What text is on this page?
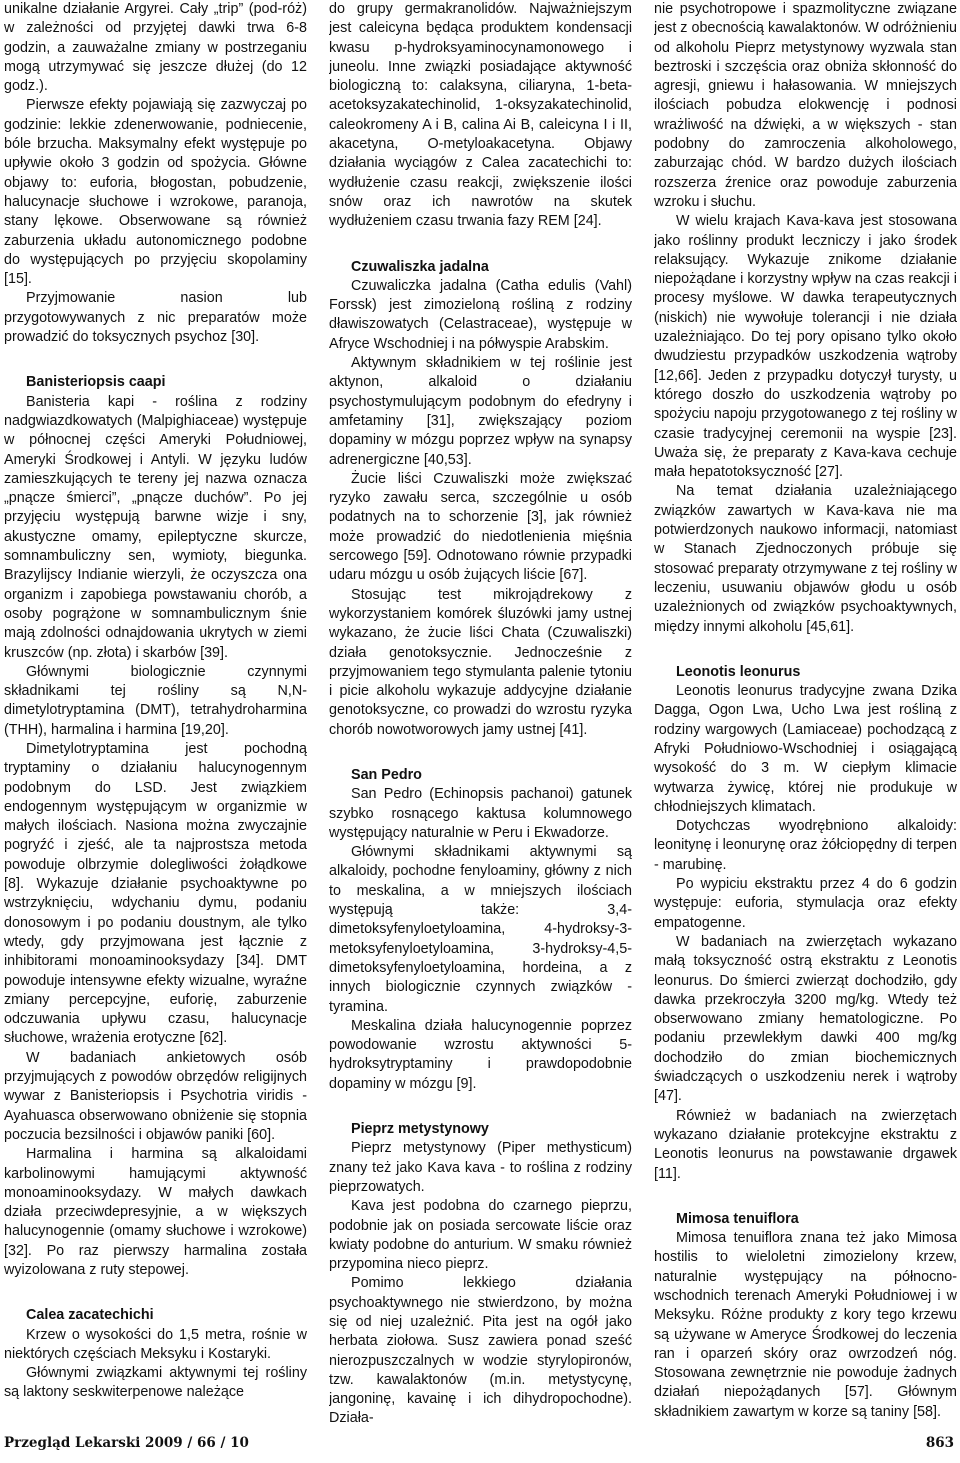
unikalne działanie Argyrei. Cały „trip” (pod-róż) w zależności od przyjętej dawki trwa 6-8 godzin, a zauważalne zmiany w postrzeganiu mogą utrzymywać się jeszcze dłużej (do 12 godz.).

Pierwsze efekty pojawiają się zazwyczaj po godzinie: lekkie zdenerwowanie, podniecenie, bóle brzucha. Maksymalny efekt występuje po upływie około 3 godzin od spożycia. Główne objawy to: euforia, błogostan, pobudzenie, halucynacje słuchowe i wzrokowe, paranoja, stany lękowe. Obserwowane są również zaburzenia układu autonomicznego podobne do występujących po przyjęciu skopolaminy [15].

Przyjmowanie nasion lub przygotowywanych z nic preparatów może prowadzić do toksycznych psychoz [30].

Banisteriopsis caapi

Banisteria kapi - roślina z rodziny nadgwiazdkowatych (Malpighiaceae) występuje w północnej części Ameryki Południowej, Ameryki Środkowej i Antyli. W języku ludów zamieszkujących te tereny jej nazwa oznacza „pnącze śmierci”, „pnącze duchów”. Po jej przyjęciu występują barwne wizje i sny, akustyczne omamy, epileptyczne skurcze, somnambuliczny sen, wymioty, biegunka. Brazylijscy Indianie wierzyli, że oczyszcza ona organizm i zapobiega powstawaniu chorób, a osoby pogrążone w somnambulicznym śnie mają zdolności odnajdowania ukrytych w ziemi kruszców (np. złota) i skarbów [39].

Głównymi biologicznie czynnymi składnikami tej rośliny są N,N-dimetylotryptamina (DMT), tetrahydroharmina (THH), harmalina i harmina [19,20].

Dimetylotryptamina jest pochodną tryptaminy o działaniu halucynogennym podobnym do LSD. Jest związkiem endogennym występującym w organizmie w małych ilościach. Nasiona można zwyczajnie pogryźć i zjeść, ale ta najprostsza metoda powoduje olbrzymie dolegliwości żołądkowe [8]. Wykazuje działanie psychoaktywne po wstrzyknięciu, wdychaniu dymu, podaniu donosowym i po podaniu doustnym, ale tylko wtedy, gdy przyjmowana jest łącznie z inhibitorami monoaminooksydazy [34]. DMT powoduje intensywne efekty wizualne, wyraźne zmiany percepcyjne, euforię, zaburzenie odczuwania upływu czasu, halucynacje słuchowe, wrażenia erotyczne [62].

W badaniach ankietowych osób przyjmujących z powodów obrzędów religijnych wywar z Banisteriopsis i Psychotria viridis - Ayahuasca obserwowano obniżenie się stopnia poczucia bezsilności i objawów paniki [60].

Harmalina i harmina są alkaloidami karbolinowymi hamującymi aktywność monoaminooksydazy. W małych dawkach działa przeciwdepresyjnie, a w większych halucynogennie (omamy słuchowe i wzrokowe) [32]. Po raz pierwszy harmalina została wyizolowana z ruty stepowej.

Calea zacatechichi

Krzew o wysokości do 1,5 metra, rośnie w niektórych częściach Meksyku i Kostaryki.

Głównymi związkami aktywnymi tej rośliny są laktony seskwiterpenowe należące

do grupy germakranolidów. Najważniejszym jest caleicyna będąca produktem kondensacji kwasu p-hydroksyaminocynamonowego i juneolu. Inne związki posiadające aktywność biologiczną to: calaksyna, ciliaryna, 1-beta-acetoksyzakatechinolid, 1-oksyzakatechinolid, caleokromeny A i B, calina Ai B, caleicyna I i II, akacetyna, O-metyloakacetyna. Objawy działania wyciągów z Calea zacatechichi to: wydłużenie czasu reakcji, zwiększenie ilości snów oraz ich nawrotów na skutek wydłużeniem czasu trwania fazy REM [24].

Czuwaliszka jadalna

Czuwaliczka jadalna (Catha edulis (Vahl) Forssk) jest zimozieloną rośliną z rodziny dławiszowatych (Celastraceae), występuje w Afryce Wschodniej i na półwyspie Arabskim.

Aktywnym składnikiem w tej roślinie jest aktynon, alkaloid o działaniu psychostymulującym podobnym do efedryny i amfetaminy [31], zwiększający poziom dopaminy w mózgu poprzez wpływ na synapsy adrenergiczne [40,53].

Żucie liści Czuwaliszki może zwiększać ryzyko zawału serca, szczególnie u osób podatnych na to schorzenie [3], jak również może prowadzić do niedotlenienia mięśnia sercowego [59]. Odnotowano równie przypadki udaru mózgu u osób żujących liście [67].

Stosując test mikrojądrekowy z wykorzystaniem komórek śluzówki jamy ustnej wykazano, że żucie liści Chata (Czuwaliszki) działa genotoksycznie. Jednocześnie z przyjmowaniem tego stymulanta palenie tytoniu i picie alkoholu wykazuje addycyjne działanie genotoksyczne, co prowadzi do wzrostu ryzyka chorób nowotworowych jamy ustnej [41].

San Pedro

San Pedro (Echinopsis pachanoi) gatunek szybko rosnącego kaktusa kolumnowego występujący naturalnie w Peru i Ekwadorze.

Głównymi składnikami aktywnymi są alkaloidy, pochodne fenyloaminy, główny z nich to meskalina, a w mniejszych ilościach występują także: 3,4-dimetoksyfenyloetyloamina, 4-hydroksy-3-metoksyfenyloetyloamina, 3-hydroksy-4,5-dimetoksyfenyloetyloamina, hordeina, a z innych biologicznie czynnych związków - tyramina.

Meskalina działa halucynogennie poprzez powodowanie wzrostu aktywności 5-hydroksytryptaminy i prawdopodobnie dopaminy w mózgu [9].

Pieprz metystynowy

Pieprz metystynowy (Piper methysticum) znany też jako Kava kava - to roślina z rodziny pieprzowatych.

Kava jest podobna do czarnego pieprzu, podobnie jak on posiada sercowate liście oraz kwiaty podobne do anturium. W smaku również przypomina nieco pieprz.

Pomimo lekkiego działania psychoaktywnego nie stwierdzono, by można się od niej uzależnić. Pita jest na ogół jako herbata ziołowa. Susz zawiera ponad sześć nierozpuszczalnych w wodzie styrylopironów, tzw. kawalaktonów (m.in. metystycynę, jangoninę, kavainę i ich dihydropochodne). Działa-

nie psychotropowe i spazmolityczne związane jest z obecnością kawalaktonów. W odróżnieniu od alkoholu Pieprz metystynowy wyzwala stan beztroski i szczęścia oraz obniża skłonność do agresji, gniewu i hałasowania. W mniejszych ilościach pobudza elokwencję i podnosi wrażliwość na dźwięki, a w większych - stan podobny do zamroczenia alkoholowego, zaburzając chód. W bardzo dużych ilościach rozszerza źrenice oraz powoduje zaburzenia wzroku i słuchu.

W wielu krajach Kava-kava jest stosowana jako roślinny produkt leczniczy i jako środek relaksujący. Wykazuje znikome działanie niepożądane i korzystny wpływ na czas reakcji i procesy myślowe. W dawka terapeutycznych (niskich) nie wywołuje tolerancji i nie działa uzależniająco. Do tej pory opisano tylko około dwudziestu przypadków uszkodzenia wątroby [12,66]. Jeden z przypadku dotyczył turysty, u którego doszło do uszkodzenia wątroby po spożyciu napoju przygotowanego z tej rośliny w czasie tradycyjnej ceremonii na wyspie [23]. Uważa się, że preparaty z Kava-kava cechuje mała hepatotoksyczność [27].

Na temat działania uzależniającego związków zawartych w Kava-kava nie ma potwierdzonych naukowo informacji, natomiast w Stanach Zjednoczonych próbuje się stosować preparaty otrzymywane z tej rośliny w leczeniu, usuwaniu objawów głodu u osób uzależnionych od związków psychoaktywnych, między innymi alkoholu [45,61].

Leonotis leonurus

Leonotis leonurus tradycyjne zwana Dzika Dagga, Ogon Lwa, Ucho Lwa jest rośliną z rodziny wargowych (Lamiaceae) pochodzącą z Afryki Południowo-Wschodniej i osiągającą wysokość do 3 m. W ciepłym klimacie wytwarza żywicę, której nie produkuje w chłodniejszych klimatach.

Dotychczas wyodrębniono alkaloidy: leonitynę i leonurynę oraz żółciopędny di terpen - marubinę.

Po wypiciu ekstraktu przez 4 do 6 godzin występuje: euforia, stymulacja oraz efekty empatogenne.

W badaniach na zwierzętach wykazano małą toksyczność ostrą ekstraktu z Leonotis leonurus. Do śmierci zwierząt dochodziło, gdy dawka przekroczyła 3200 mg/kg. Wtedy też obserwowano zmiany hematologiczne. Po podaniu przewlekłym dawki 400 mg/kg dochodziło do zmian biochemicznych świadczących o uszkodzeniu nerek i wątroby [47].

Również w badaniach na zwierzętach wykazano działanie protekcyjne ekstraktu z Leonotis leonurus na powstawanie drgawek [11].

Mimosa tenuiflora

Mimosa tenuiflora znana też jako Mimosa hostilis to wieloletni zimozielony krzew, naturalnie występujący na północno-wschodnich terenach Ameryki Południowej i w Meksyku. Różne produkty z kory tego krzewu są używane w Ameryce Środkowej do leczenia ran i oparzeń skóry oraz owrzodzeń nóg. Stosowana zewnętrznie nie powoduje żadnych działań niepożądanych [57]. Głównym składnikiem zawartym w korze są taniny [58].

Przegląd Lekarski 2009 / 66 / 10	863
